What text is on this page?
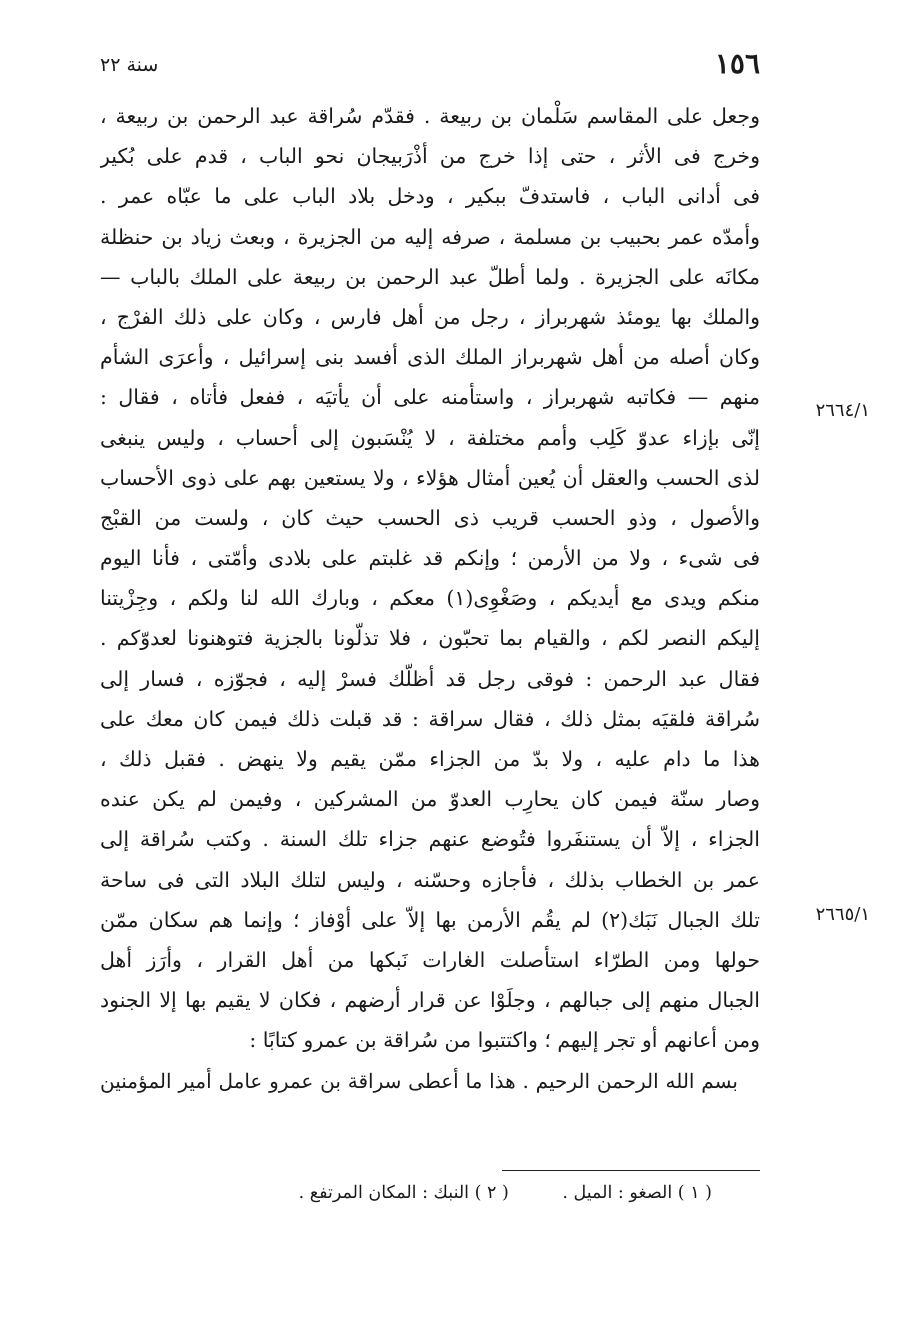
١٥٦
سنة ٢٢
٢٦٦٤/١
٢٦٦٥/١
وجعل على المقاسم سَلْمان بن ربيعة . فقدّم سُراقة عبد الرحمن بن ربيعة ،
وخرج فى الأثر ، حتى إذا خرج من أذْرَبيجان نحو الباب ، قدم على بُكير
فى أدانى الباب ، فاستدفّ ببكير ، ودخل بلاد الباب على ما عبّاه عمر .
وأمدّه عمر بحبيب بن مسلمة ، صرفه إليه من الجزيرة ، وبعث زياد بن حنظلة
مكانَه على الجزيرة . ولما أطلّ عبد الرحمن بن ربيعة على الملك بالباب —
والملك بها يومئذ شهربراز ، رجل من أهل فارس ، وكان على ذلك الفرْج ،
وكان أصله من أهل شهربراز الملك الذى أفسد بنى إسرائيل ، وأعرَى الشأم
منهم — فكاتبه شهربراز ، واستأمنه على أن يأتيَه ، ففعل فأتاه ، فقال :
إنّى بإزاء عدوّ كَلِب وأمم مختلفة ، لا يُنْسَبون إلى أحساب ، وليس ينبغى
لذى الحسب والعقل أن يُعين أمثال هؤلاء ، ولا يستعين بهم على ذوى الأحساب
والأصول ، وذو الحسب قريب ذى الحسب حيث كان ، ولست من القبْج
فى شىء ، ولا من الأرمن ؛ وإنكم قد غلبتم على بلادى وأمّتى ، فأنا اليوم
منكم ويدى مع أيديكم ، وصَغْوِى(١) معكم ، وبارك الله لنا ولكم ، وجِزْيتنا
إليكم النصر لكم ، والقيام بما تحبّون ، فلا تذلّونا بالجزية فتوهنونا لعدوّكم .
فقال عبد الرحمن : فوقى رجل قد أظلّك فسرْ إليه ، فجوّزه ، فسار إلى
سُراقة فلقيَه بمثل ذلك ، فقال سراقة : قد قبلت ذلك فيمن كان معك على
هذا ما دام عليه ، ولا بدّ من الجزاء ممّن يقيم ولا ينهض . فقبل ذلك ،
وصار سنّة فيمن كان يحارِب العدوّ من المشركين ، وفيمن لم يكن عنده
الجزاء ، إلاّ أن يستنفَروا فتُوضع عنهم جزاء تلك السنة . وكتب سُراقة إلى
عمر بن الخطاب بذلك ، فأجازه وحسّنه ، وليس لتلك البلاد التى فى ساحة
تلك الجبال نَبَك(٢) لم يقُم الأرمن بها إلاّ على أوْفاز ؛ وإنما هم سكان ممّن
حولها ومن الطرّاء استأصلت الغارات نَبكها من أهل القرار ، وأرَز أهل
الجبال منهم إلى جبالهم ، وجلَوْا عن قرار أرضهم ، فكان لا يقيم بها إلا الجنود
ومن أعانهم أو تجر إليهم ؛ واكتتبوا من سُراقة بن عمرو كتابًا :
بسم الله الرحمن الرحيم . هذا ما أعطى سراقة بن عمرو عامل أمير المؤمنين
( ١ ) الصغو : الميل . ( ٢ ) النبك : المكان المرتفع .
